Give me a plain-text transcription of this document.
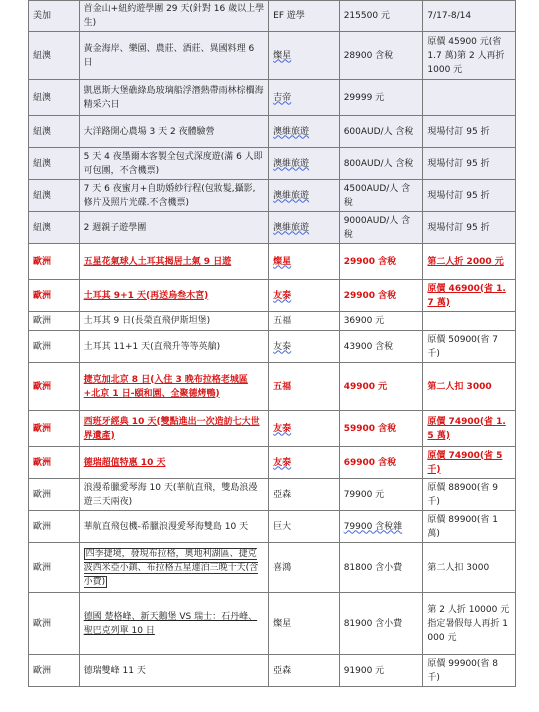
美加	首金山+紐約遊學團 29 天(針對 16 歲以上學生)	EF 遊學	215500 元	7/17-8/14
紐澳	黃金海岸、樂園、農莊、酒莊、異國料理 6 日	燦星	28900 含稅	原價 45900 元(省 1.7 萬)第 2 人再折 1000 元
紐澳	凱恩斯大堡礁綠島玻璃船浮潛熱帶雨林棕櫚海精采六日	吉帝	29999 元	
紐澳	大洋路開心農場 3 天 2 夜體驗營	澳維旅遊	600AUD/人 含稅	現場付訂 95 折
紐澳	5 天 4 夜墨爾本客製全包式深度遊(滿 6 人即可包團，不含機票)	澳維旅遊	800AUD/人 含稅	現場付訂 95 折
紐澳	7 天 6 夜蜜月+自助婚紗行程(包妝髮,攝影,修片及照片光碟.不含機票)	澳維旅遊	4500AUD/人 含稅	現場付訂 95 折
紐澳	2 週親子遊學團	澳維旅遊	9000AUD/人 含稅	現場付訂 95 折
歐洲	五星花氣球人土耳其揭居土氣 9 日遊	燦星	29900 含稅	第二人折 2000 元
歐洲	土耳其 9+1 天(再送烏叁木宮)	友泰	29900 含稅	原價 46900(省 1.7 萬)
歐洲	土耳其 9 日(長榮直飛伊斯坦堡)	五福	36900 元	
歐洲	土耳其 11+1 天(直飛升等等英艙)	友泰	43900 含稅	原價 50900(省 7 千)
歐洲	捷克加北京 8 日(入住 3 晚布拉格老城區+北京 1 日-頤和園、全聚德烤鴨)	五福	49900 元	第二人扣 3000
歐洲	西班牙經典 10 天(雙點進出一次造訪七大世界遺產)	友泰	59900 含稅	原價 74900(省 1.5 萬)
歐洲	德瑞超值特惠 10 天	友泰	69900 含稅	原價 74900(省 5 千)
歐洲	浪漫希臘愛琴海 10 天(華航直飛，雙島浪漫遊三天兩夜)	亞森	79900 元	原價 88900(省 9 千)
歐洲	華航直飛包機-希臘浪漫愛琴海雙島 10 天	巨大	79900 含稅雜	原價 89900(省 1 萬)
歐洲	四季捷境，發現布拉格，奧地利湖區、捷克波西米亞小鎮、布拉格五星連泊三晚十天(含小費)	喜鴻	81800 含小費	第二人扣 3000
歐洲	德國 楚格峰、新天鵝堡 VS 瑞士：石丹峰、聖巴克列單 10 日	燦星	81900 含小費	第 2 人折 10000 元 指定暑假每人再折 1000 元
歐洲	德瑞雙峰 11 天	亞森	91900 元	原價 99900(省 8 千)
